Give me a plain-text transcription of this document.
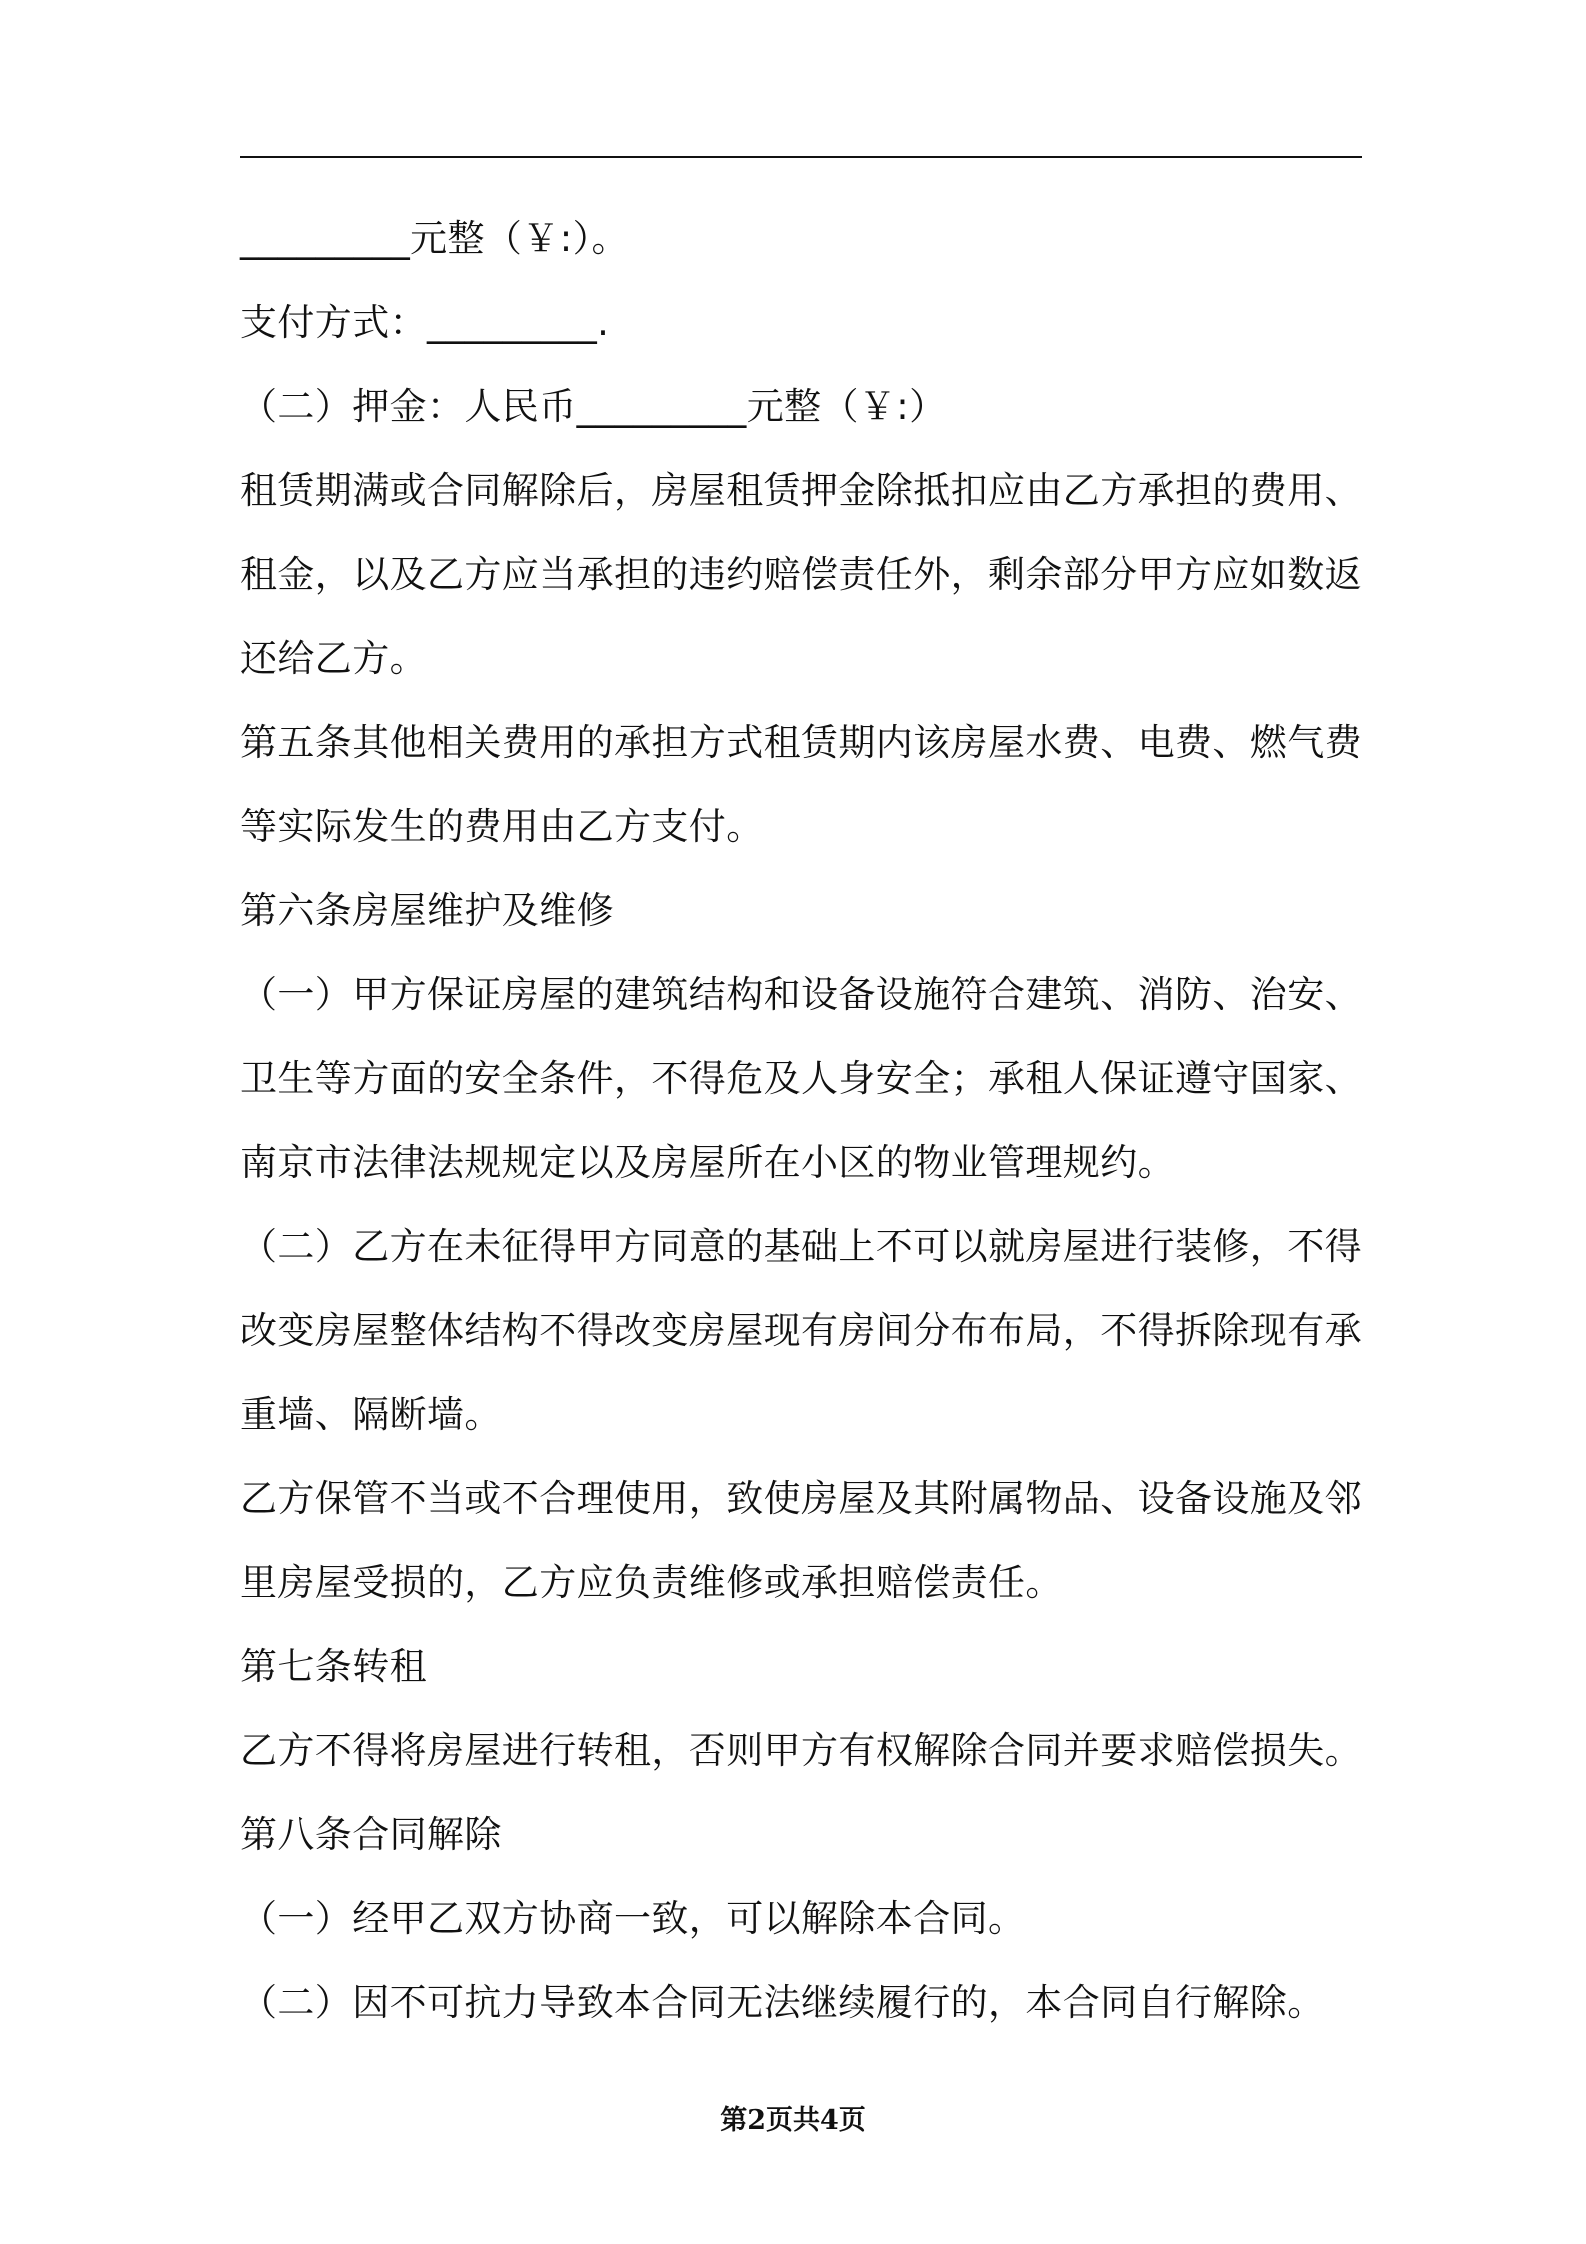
_________元整（￥:）。
支付方式：_________.
（二）押金：人民币_________元整（￥:）
租赁期满或合同解除后，房屋租赁押金除抵扣应由乙方承担的费用、
租金，以及乙方应当承担的违约赔偿责任外，剩余部分甲方应如数返
还给乙方。
第五条其他相关费用的承担方式租赁期内该房屋水费、电费、燃气费
等实际发生的费用由乙方支付。
第六条房屋维护及维修
（一）甲方保证房屋的建筑结构和设备设施符合建筑、消防、治安、
卫生等方面的安全条件，不得危及人身安全；承租人保证遵守国家、
南京市法律法规规定以及房屋所在小区的物业管理规约。
（二）乙方在未征得甲方同意的基础上不可以就房屋进行装修，不得
改变房屋整体结构不得改变房屋现有房间分布布局，不得拆除现有承
重墙、隔断墙。
乙方保管不当或不合理使用，致使房屋及其附属物品、设备设施及邻
里房屋受损的，乙方应负责维修或承担赔偿责任。
第七条转租
乙方不得将房屋进行转租，否则甲方有权解除合同并要求赔偿损失。
第八条合同解除
（一）经甲乙双方协商一致，可以解除本合同。
（二）因不可抗力导致本合同无法继续履行的，本合同自行解除。
第2页共4页
